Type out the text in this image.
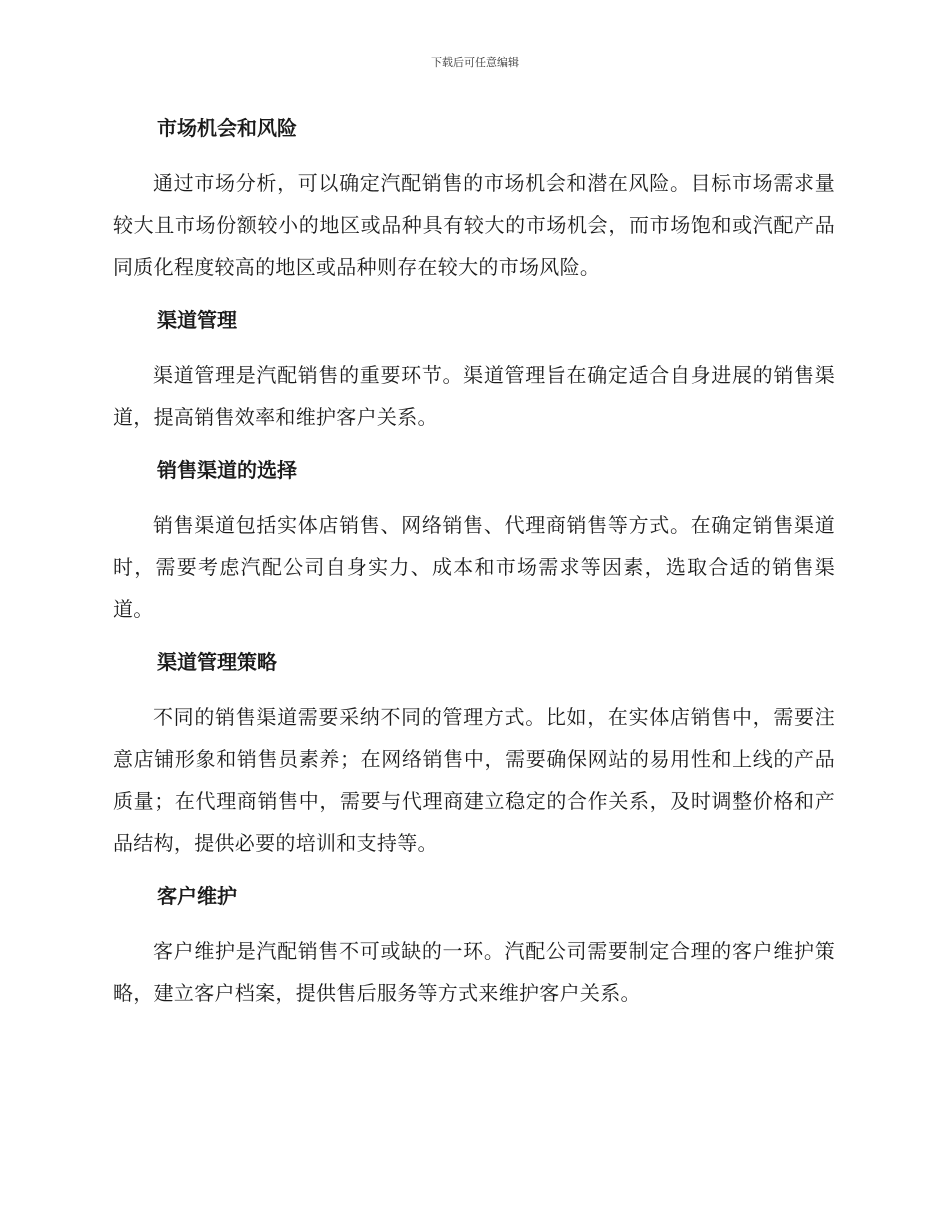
下载后可任意编辑
市场机会和风险

通过市场分析，可以确定汽配销售的市场机会和潜在风险。目标市场需求量较大且市场份额较小的地区或品种具有较大的市场机会，而市场饱和或汽配产品同质化程度较高的地区或品种则存在较大的市场风险。

渠道管理

渠道管理是汽配销售的重要环节。渠道管理旨在确定适合自身进展的销售渠道，提高销售效率和维护客户关系。

销售渠道的选择

销售渠道包括实体店销售、网络销售、代理商销售等方式。在确定销售渠道时，需要考虑汽配公司自身实力、成本和市场需求等因素，选取合适的销售渠道。

渠道管理策略

不同的销售渠道需要采纳不同的管理方式。比如，在实体店销售中，需要注意店铺形象和销售员素养；在网络销售中，需要确保网站的易用性和上线的产品质量；在代理商销售中，需要与代理商建立稳定的合作关系，及时调整价格和产品结构，提供必要的培训和支持等。

客户维护

客户维护是汽配销售不可或缺的一环。汽配公司需要制定合理的客户维护策略，建立客户档案，提供售后服务等方式来维护客户关系。
